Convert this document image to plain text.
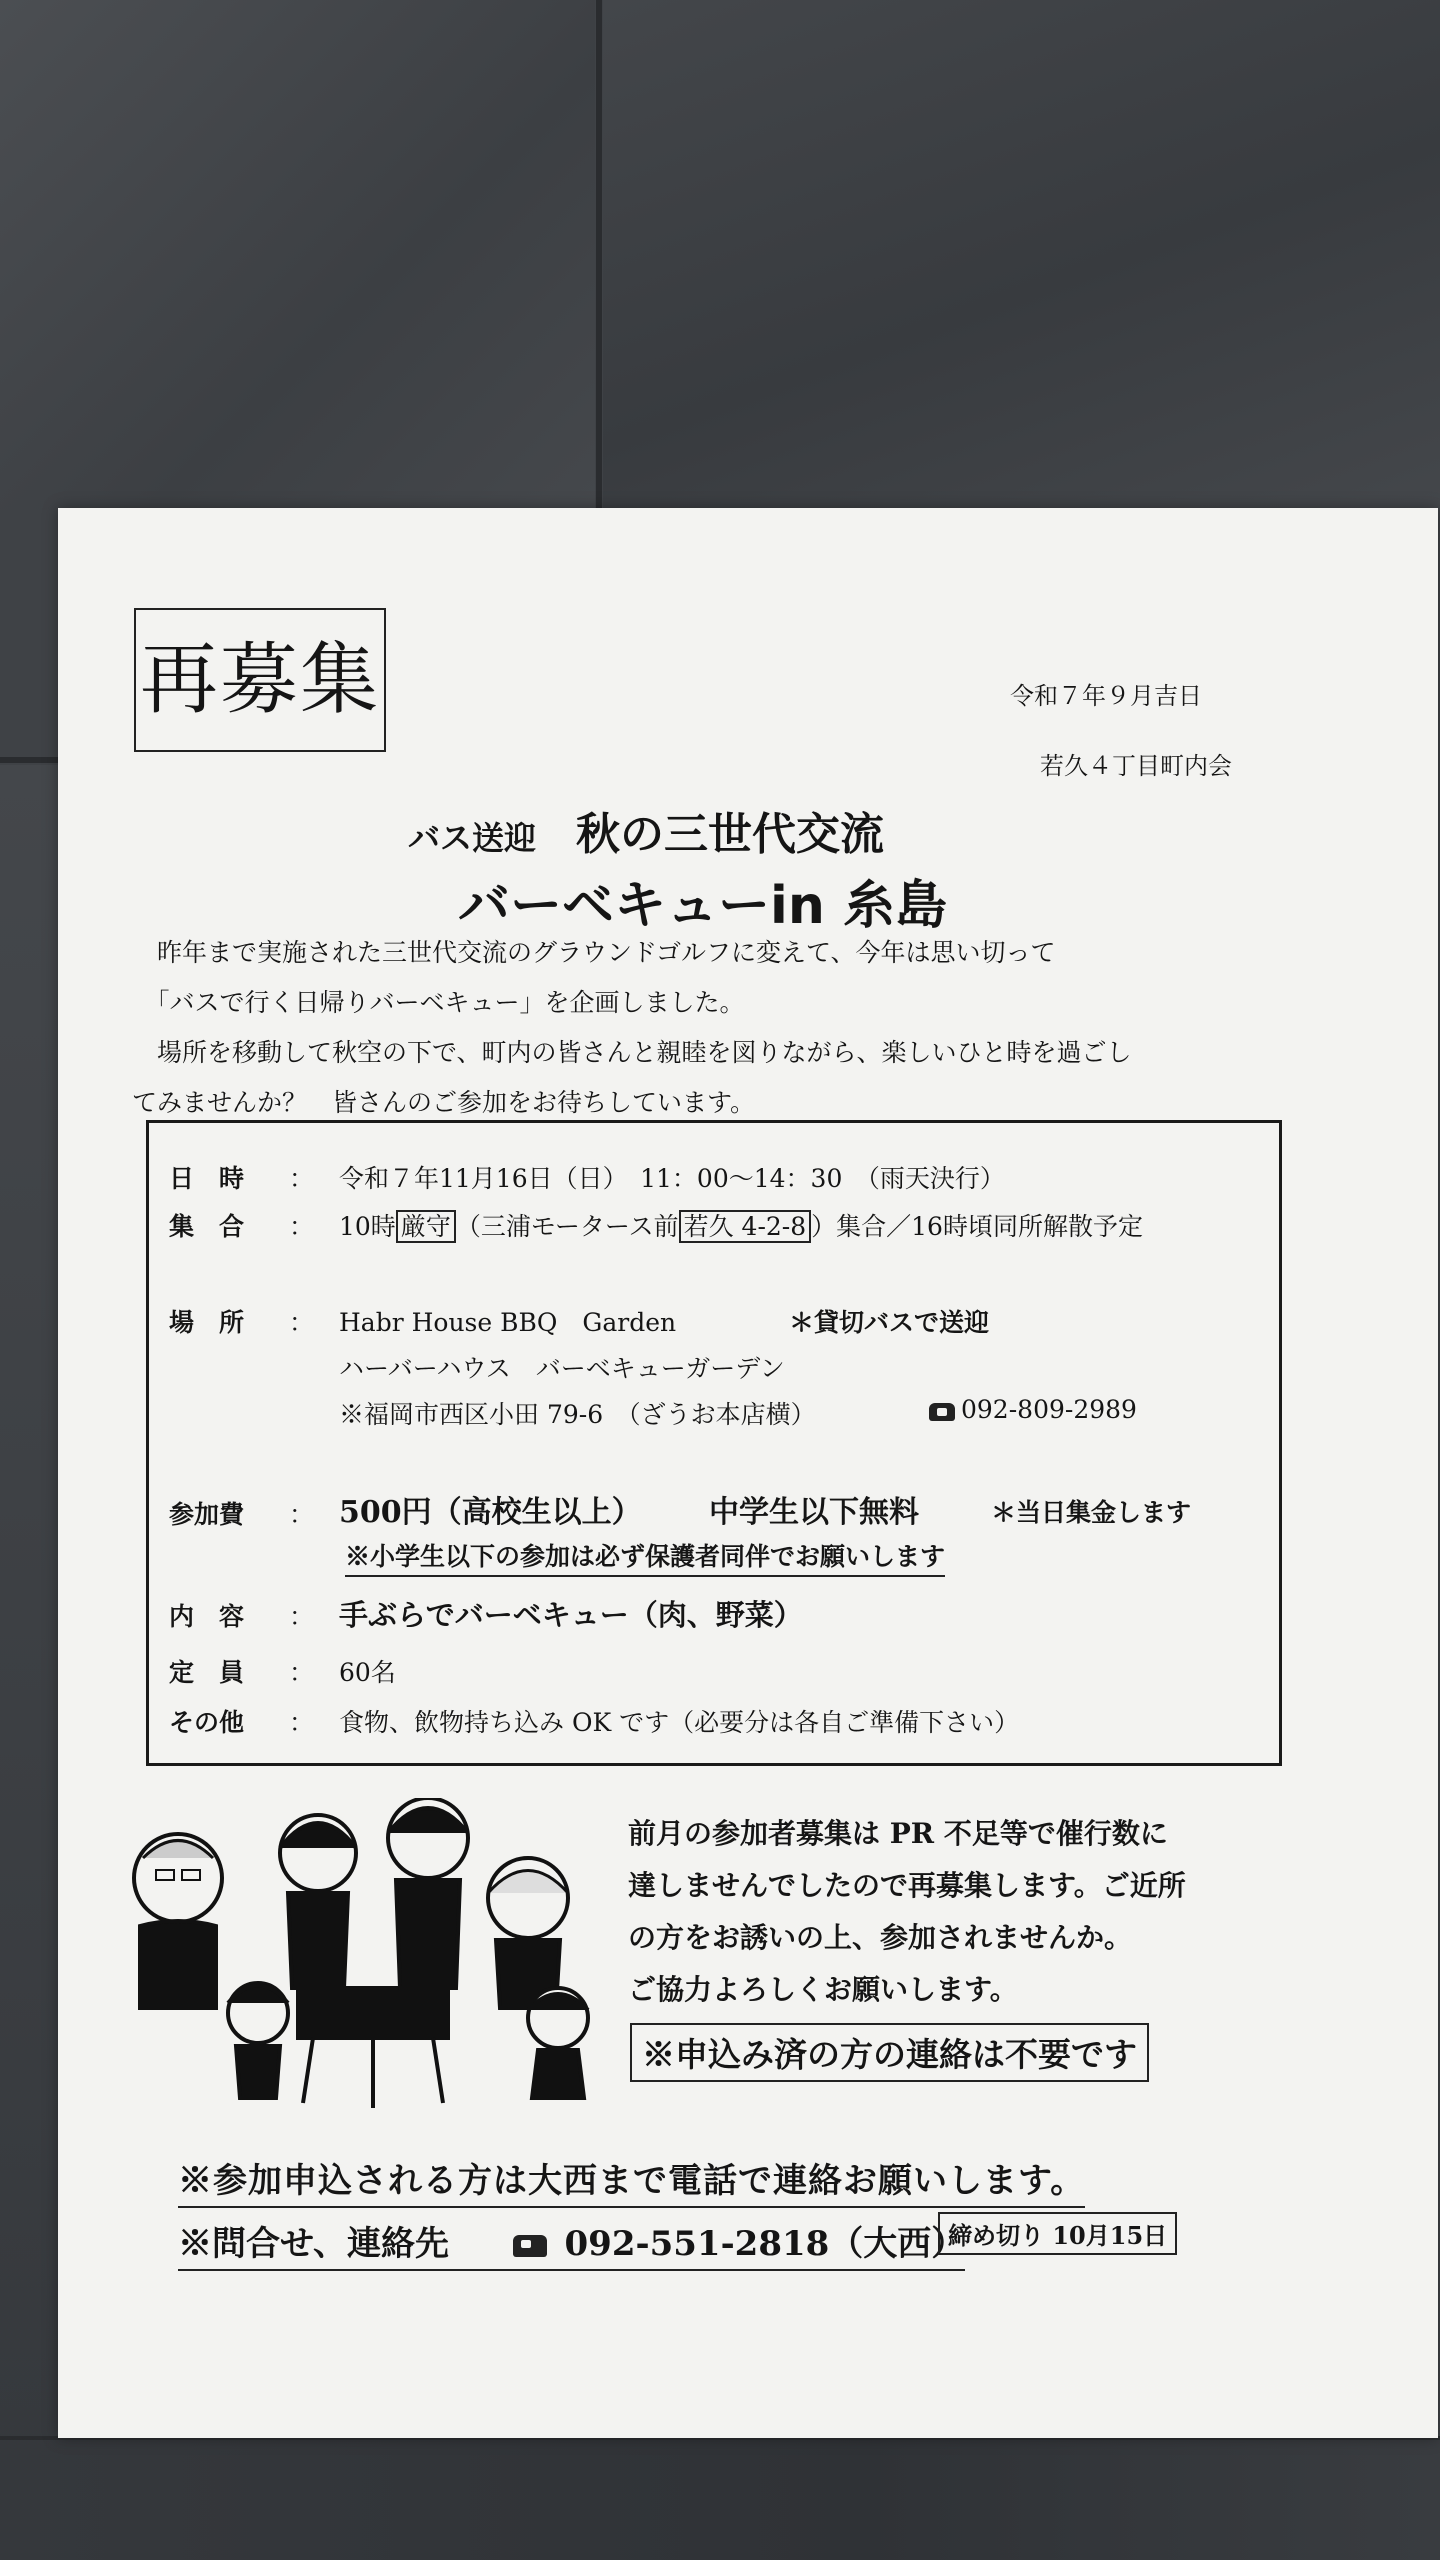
再募集	令和７年９月吉日
若久４丁目町内会
バス送迎 秋の三世代交流
バーベキューin 糸島

昨年まで実施された三世代交流のグラウンドゴルフに変えて、今年は思い切って

「バスで行く日帰りバーベキュー」を企画しました。

場所を移動して秋空の下で、町内の皆さんと親睦を図りながら、楽しいひと時を過ごし

てみませんか？　皆さんのご参加をお待ちしています。

日　時 ： 令和７年11月16日（日）　11：00～14：30　（雨天決行）
集　合 ： 10時 厳守 （三浦モータース前 若久 4-2-8 ）集合／16時頃同所解散予定
場　所 ： Habr House BBQ　Garden	＊貸切バスで送迎
ハーバーハウス　バーベキューガーデン
※福岡市西区小田 79-6　（ざうお本店横）	092-809-2989
参加費 ： 500円（高校生以上） 中学生以下無料	＊当日集金します
※小学生以下の参加は必ず保護者同伴でお願いします
内　容 ： 手ぶらでバーベキュー（肉、野菜）
定　員 ： 60名
その他 ： 食物、飲物持ち込み OK です（必要分は各自ご準備下さい）

前月の参加者募集は PR 不足等で催行数に

達しませんでしたので再募集します。ご近所

の方をお誘いの上、参加されませんか。

ご協力よろしくお願いします。

※申込み済の方の連絡は不要です
※参加申込される方は大西まで電話で連絡お願いします。
※問合せ、連絡先	092-551-2818（大西）
締め切り 10月15日
